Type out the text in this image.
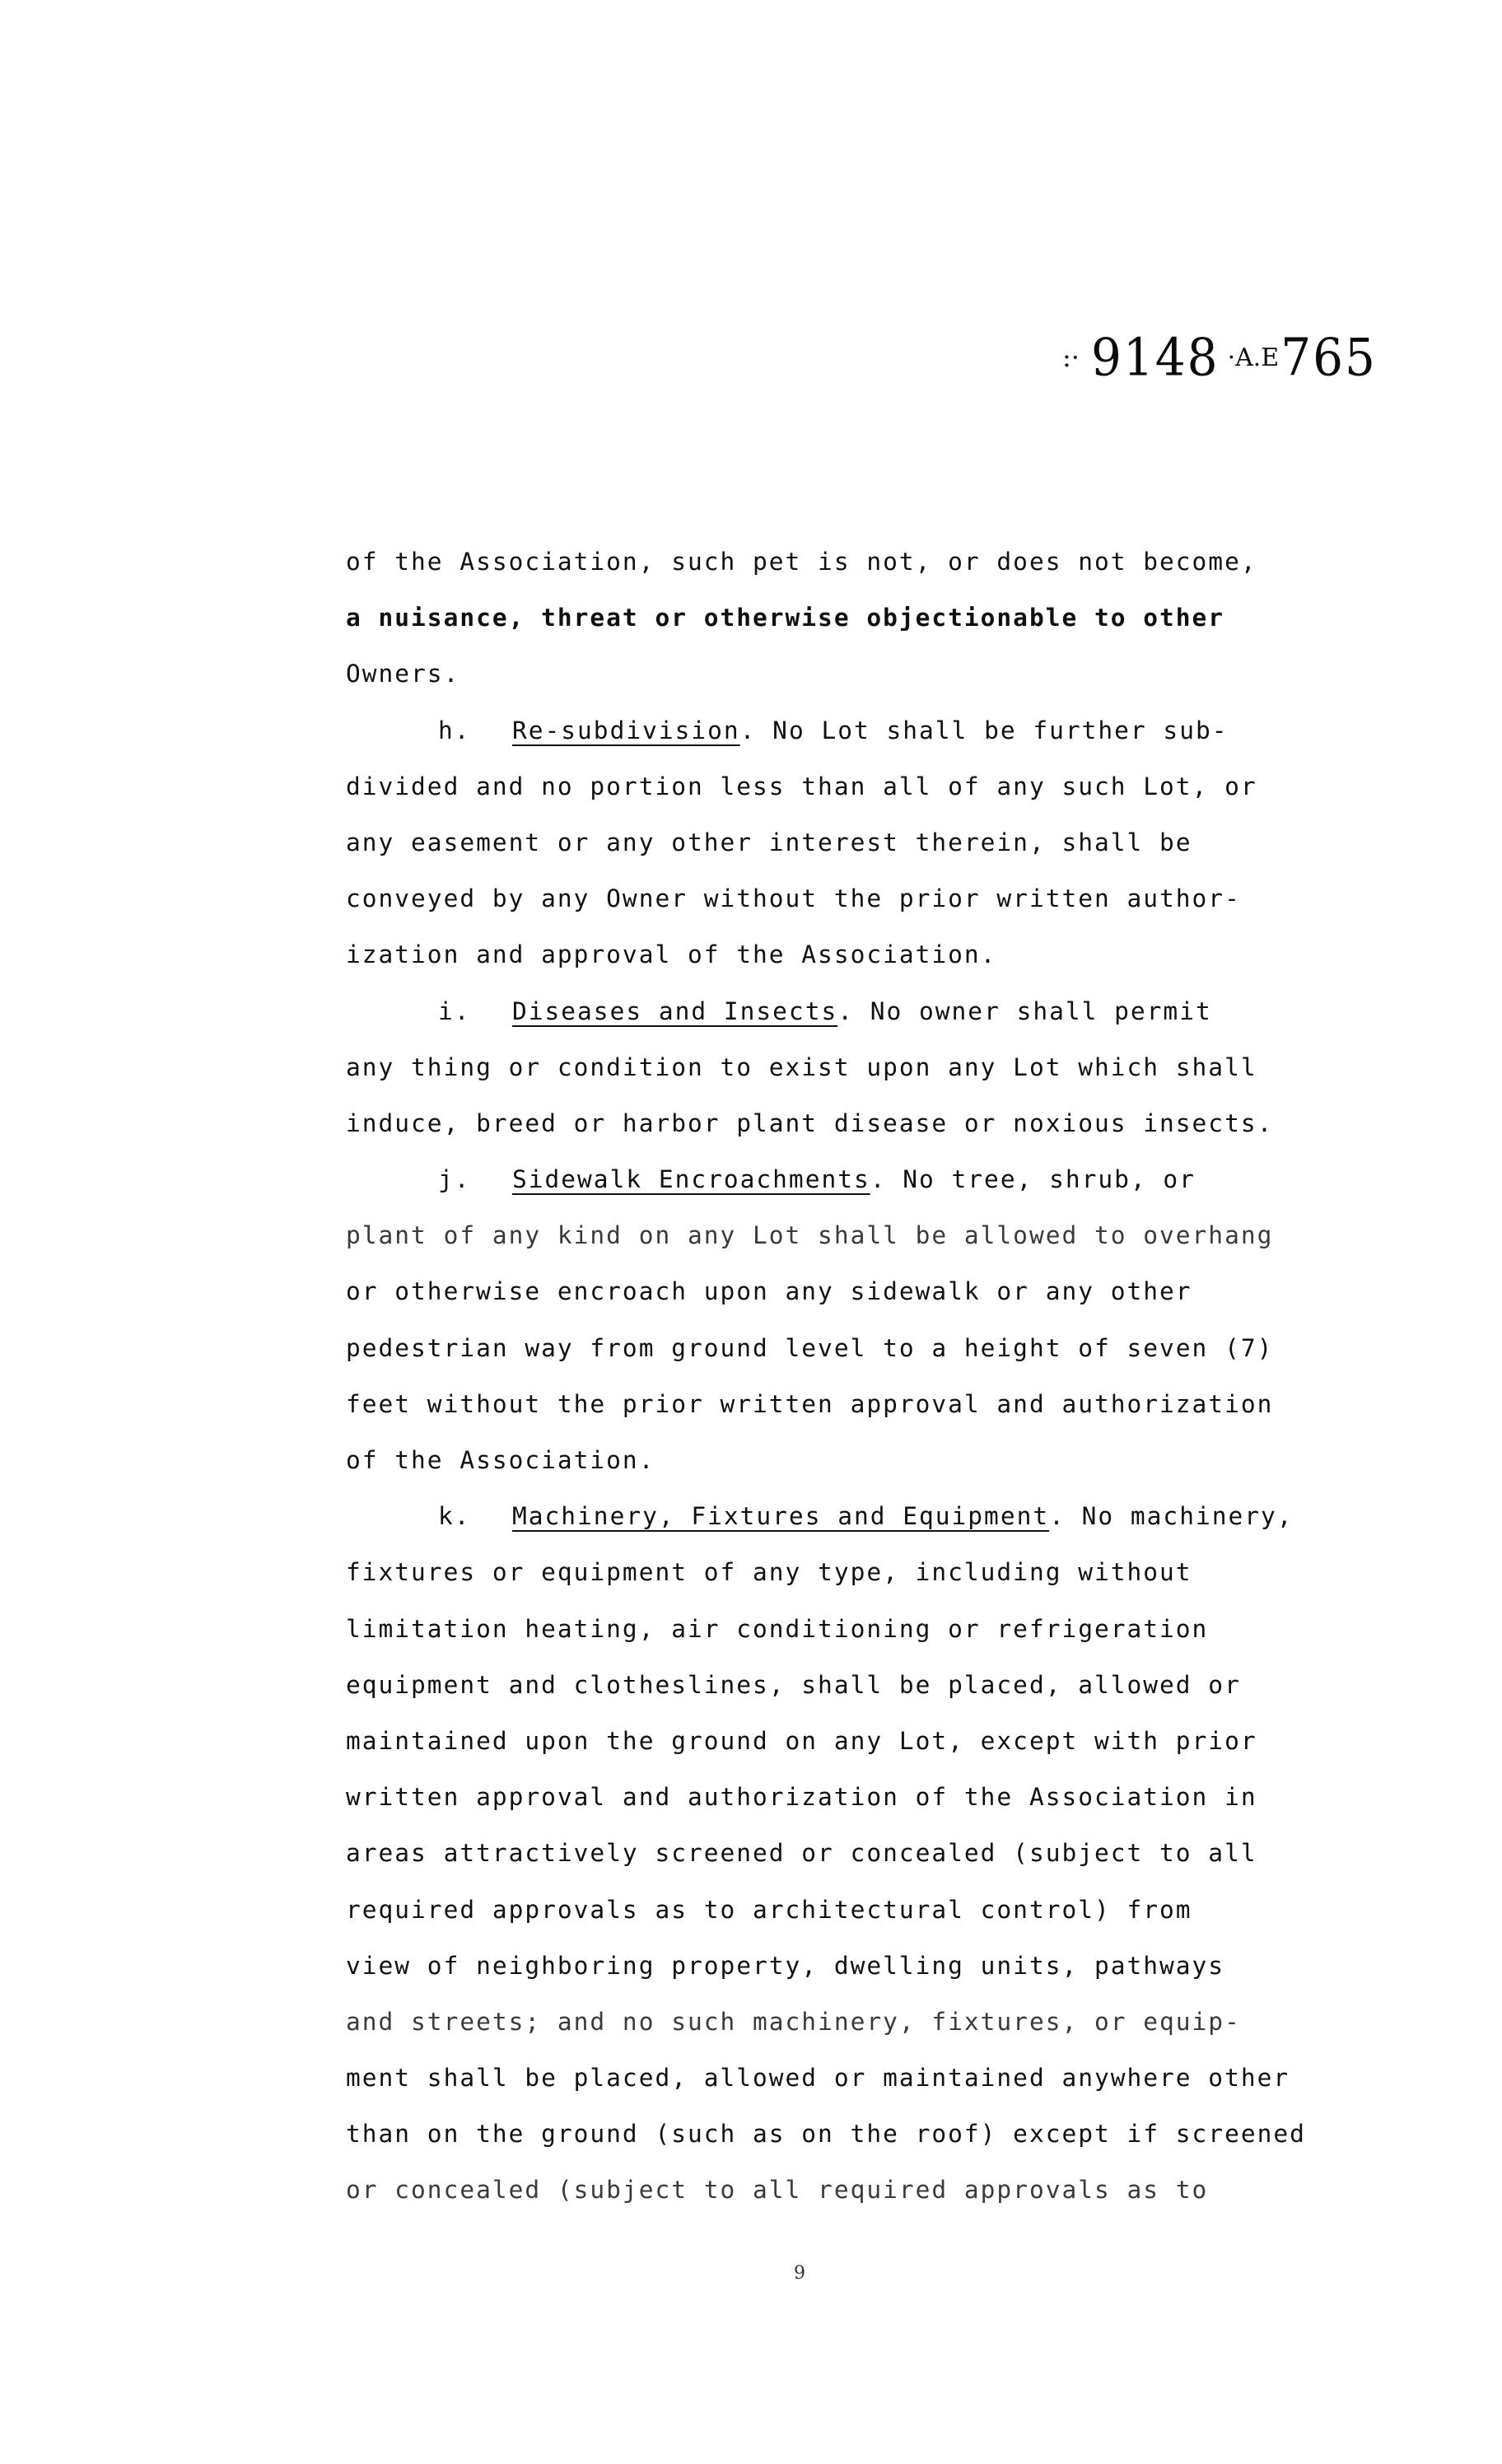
:· 9148 ·A.E765
of the Association, such pet is not, or does not become,
a nuisance, threat or otherwise objectionable to other
Owners.
h. Re-subdivision. No Lot shall be further sub-
divided and no portion less than all of any such Lot, or
any easement or any other interest therein, shall be
conveyed by any Owner without the prior written author-
ization and approval of the Association.
i. Diseases and Insects. No owner shall permit
any thing or condition to exist upon any Lot which shall
induce, breed or harbor plant disease or noxious insects.
j. Sidewalk Encroachments. No tree, shrub, or
plant of any kind on any Lot shall be allowed to overhang
or otherwise encroach upon any sidewalk or any other
pedestrian way from ground level to a height of seven (7)
feet without the prior written approval and authorization
of the Association.
k. Machinery, Fixtures and Equipment. No machinery,
fixtures or equipment of any type, including without
limitation heating, air conditioning or refrigeration
equipment and clotheslines, shall be placed, allowed or
maintained upon the ground on any Lot, except with prior
written approval and authorization of the Association in
areas attractively screened or concealed (subject to all
required approvals as to architectural control) from
view of neighboring property, dwelling units, pathways
and streets; and no such machinery, fixtures, or equip-
ment shall be placed, allowed or maintained anywhere other
than on the ground (such as on the roof) except if screened
or concealed (subject to all required approvals as to
9
